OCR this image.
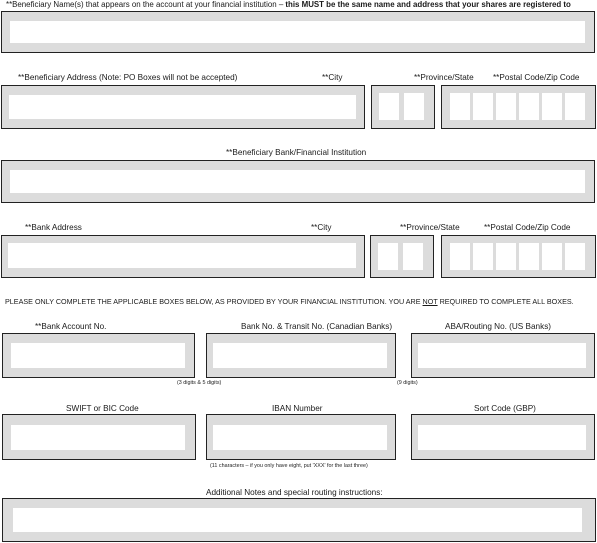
**Beneficiary Name(s) that appears on the account at your financial institution – this MUST be the same name and address that your shares are registered to
**Beneficiary Address (Note: PO Boxes will not be accepted)	**City	**Province/State **Postal Code/Zip Code
**Beneficiary Bank/Financial Institution
**Bank Address	**City	**Province/State	**Postal Code/Zip Code
PLEASE ONLY COMPLETE THE APPLICABLE BOXES BELOW, AS PROVIDED BY YOUR FINANCIAL INSTITUTION. YOU ARE NOT REQUIRED TO COMPLETE ALL BOXES.
**Bank Account No.	Bank No. & Transit No. (Canadian Banks)	ABA/Routing No. (US Banks)
(3 digits & 5 digits)	(9 digits)
SWIFT or BIC Code	IBAN Number	Sort Code (GBP)
(11 characters – if you only have eight, put 'XXX' for the last three)
Additional Notes and special routing instructions:
